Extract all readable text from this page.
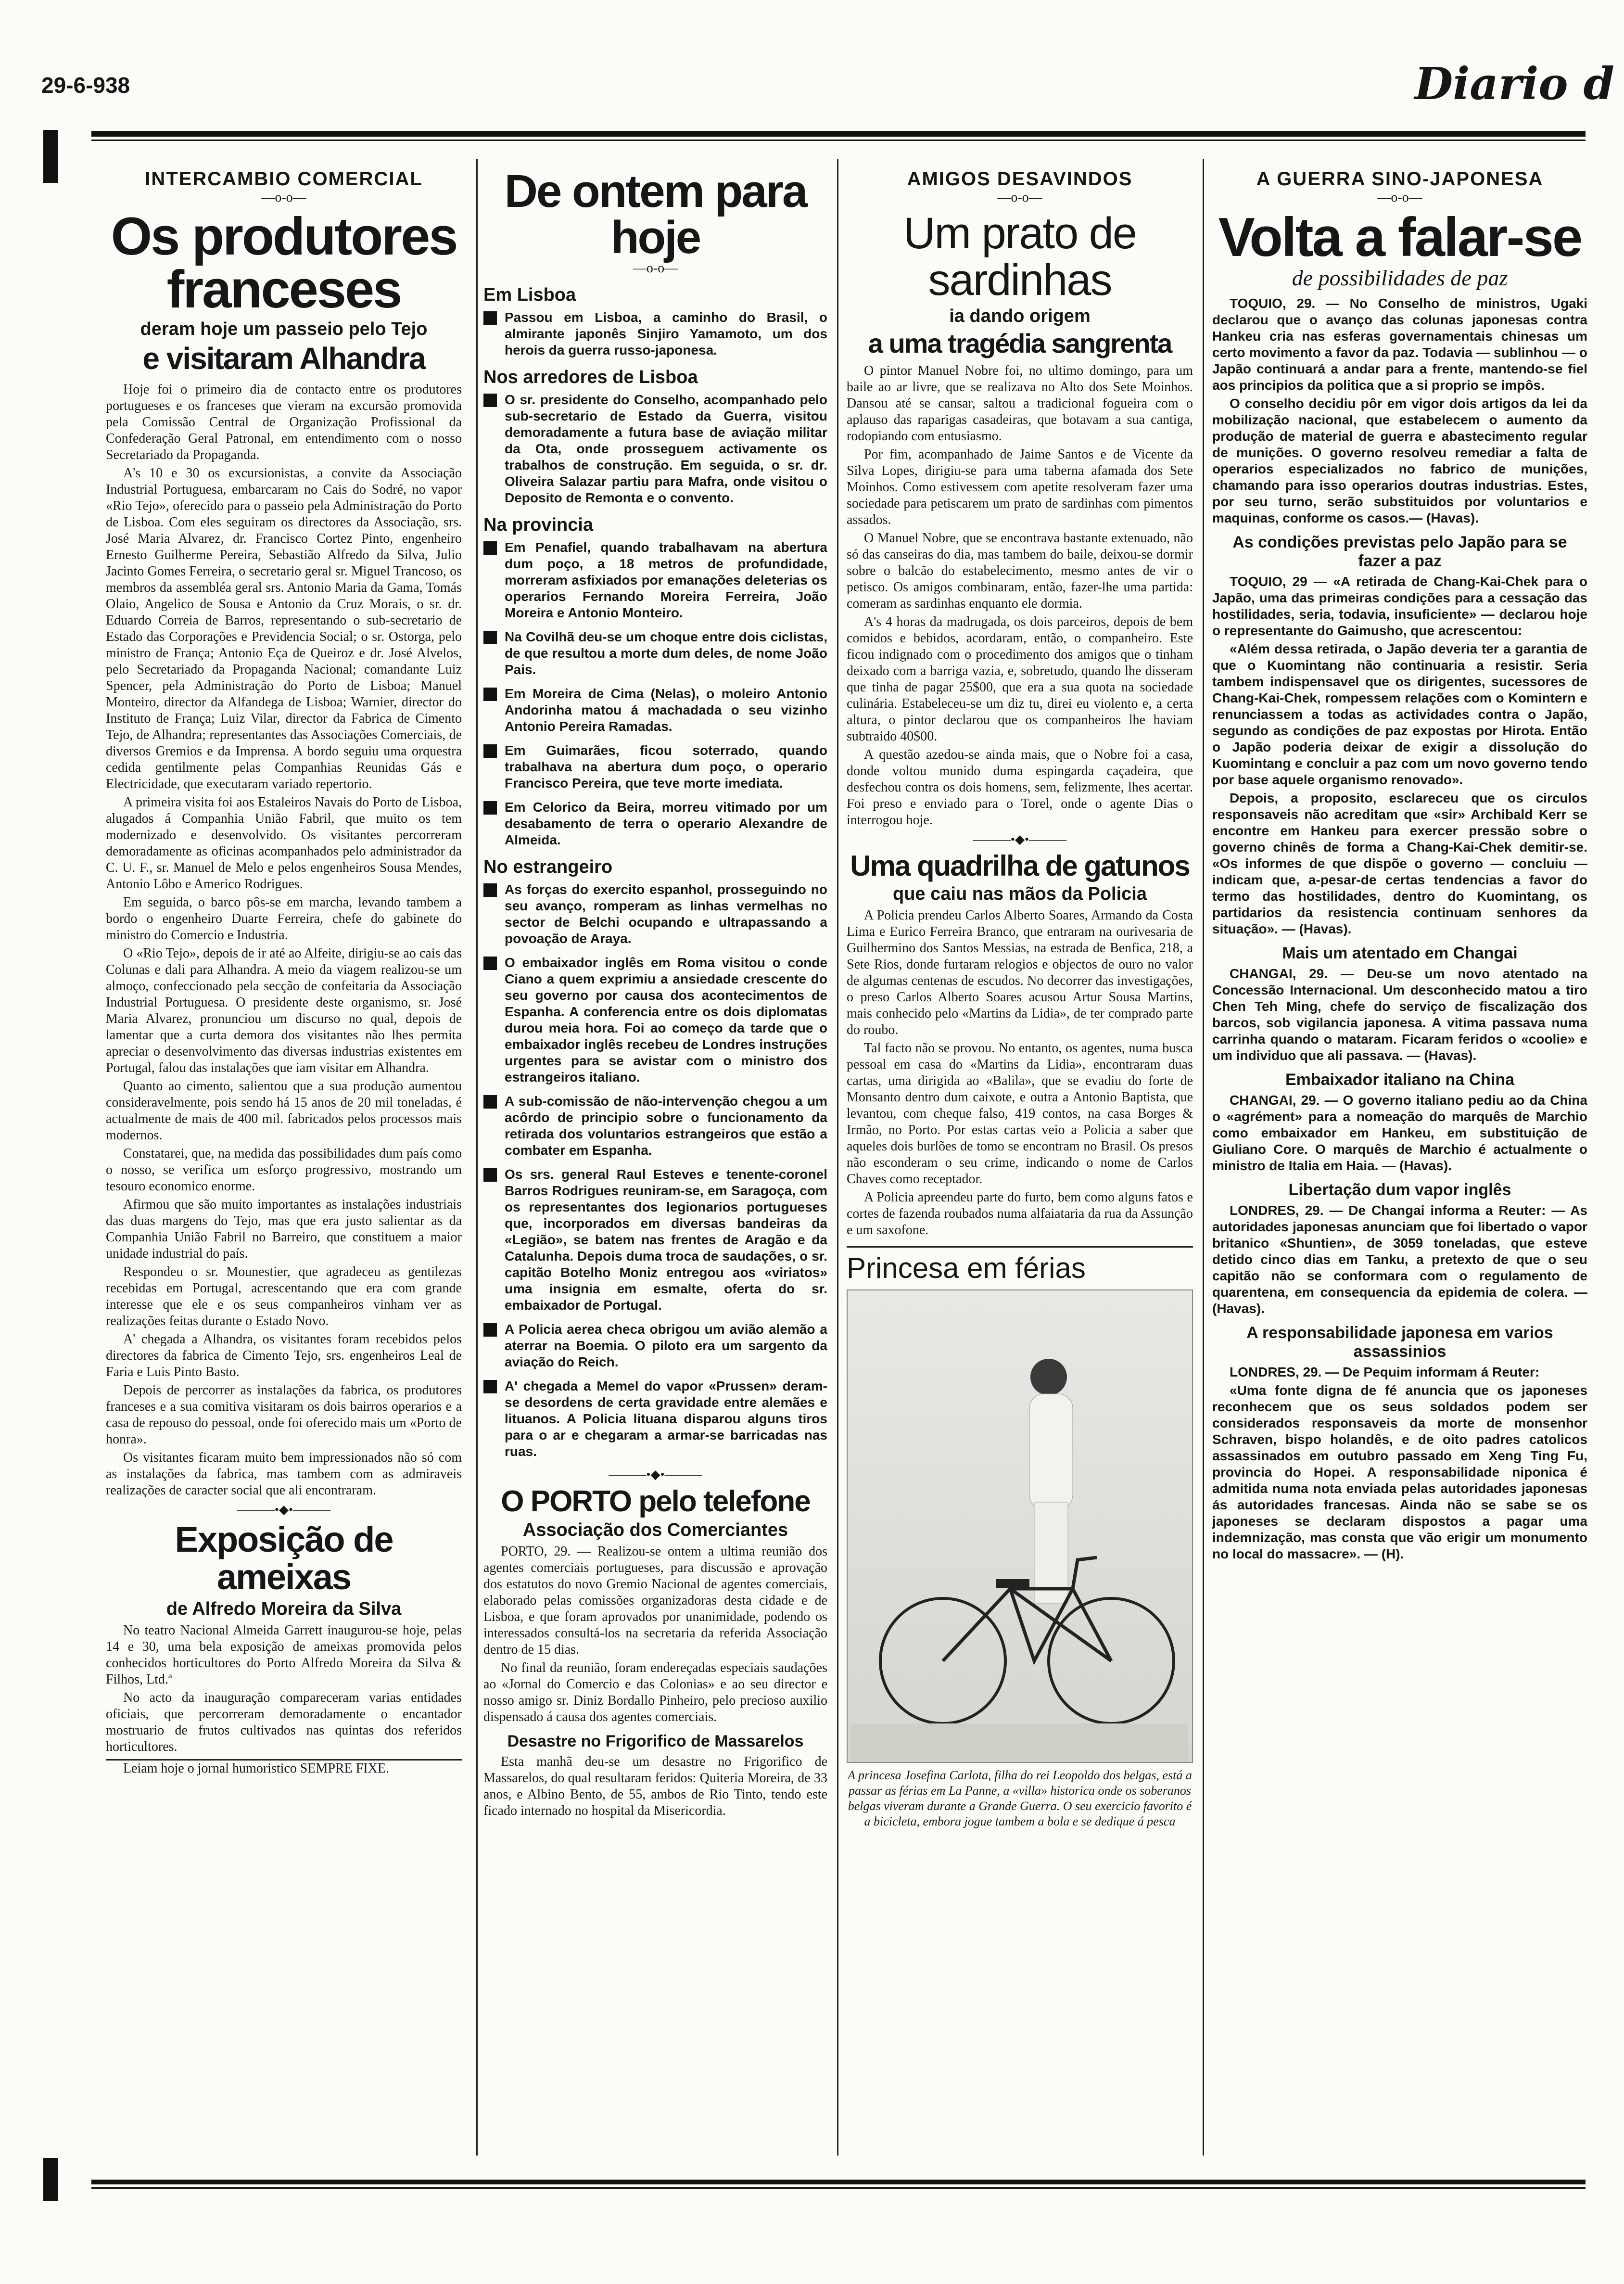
29-6-938	Diario d
INTERCAMBIO COMERCIAL
—o-o—
Os produtores franceses
deram hoje um passeio pelo Tejo
e visitaram Alhandra

Hoje foi o primeiro dia de contacto entre os produtores portugueses e os franceses que vieram na excursão promovida pela Comissão Central de Organização Profissional da Confederação Geral Patronal, em entendimento com o nosso Secretariado da Propaganda.

A's 10 e 30 os excursionistas, a convite da Associação Industrial Portuguesa, embarcaram no Cais do Sodré, no vapor «Rio Tejo», oferecido para o passeio pela Administração do Porto de Lisboa. Com eles seguiram os directores da Associação, srs. José Maria Alvarez, dr. Francisco Cortez Pinto, engenheiro Ernesto Guilherme Pereira, Sebastião Alfredo da Silva, Julio Jacinto Gomes Ferreira, o secretario geral sr. Miguel Trancoso, os membros da assembléa geral srs. Antonio Maria da Gama, Tomás Olaio, Angelico de Sousa e Antonio da Cruz Morais, o sr. dr. Eduardo Correia de Barros, representando o sub-secretario de Estado das Corporações e Previdencia Social; o sr. Ostorga, pelo ministro de França; Antonio Eça de Queiroz e dr. José Alvelos, pelo Secretariado da Propaganda Nacional; comandante Luiz Spencer, pela Administração do Porto de Lisboa; Manuel Monteiro, director da Alfandega de Lisboa; Warnier, director do Instituto de França; Luiz Vilar, director da Fabrica de Cimento Tejo, de Alhandra; representantes das Associações Comerciais, de diversos Gremios e da Imprensa. A bordo seguiu uma orquestra cedida gentilmente pelas Companhias Reunidas Gás e Electricidade, que executaram variado repertorio.

A primeira visita foi aos Estaleiros Navais do Porto de Lisboa, alugados á Companhia União Fabril, que muito os tem modernizado e desenvolvido. Os visitantes percorreram demoradamente as oficinas acompanhados pelo administrador da C. U. F., sr. Manuel de Melo e pelos engenheiros Sousa Mendes, Antonio Lôbo e Americo Rodrigues.

Em seguida, o barco pôs-se em marcha, levando tambem a bordo o engenheiro Duarte Ferreira, chefe do gabinete do ministro do Comercio e Industria.

O «Rio Tejo», depois de ir até ao Alfeite, dirigiu-se ao cais das Colunas e dali para Alhandra. A meio da viagem realizou-se um almoço, confeccionado pela secção de confeitaria da Associação Industrial Portuguesa. O presidente deste organismo, sr. José Maria Alvarez, pronunciou um discurso no qual, depois de lamentar que a curta demora dos visitantes não lhes permita apreciar o desenvolvimento das diversas industrias existentes em Portugal, falou das instalações que iam visitar em Alhandra.

Quanto ao cimento, salientou que a sua produção aumentou consideravelmente, pois sendo há 15 anos de 20 mil toneladas, é actualmente de mais de 400 mil. fabricados pelos processos mais modernos.

Constatarei, que, na medida das possibilidades dum país como o nosso, se verifica um esforço progressivo, mostrando um tesouro economico enorme.

Afirmou que são muito importantes as instalações industriais das duas margens do Tejo, mas que era justo salientar as da Companhia União Fabril no Barreiro, que constituem a maior unidade industrial do país.

Respondeu o sr. Mounestier, que agradeceu as gentilezas recebidas em Portugal, acrescentando que era com grande interesse que ele e os seus companheiros vinham ver as realizações feitas durante o Estado Novo.

A' chegada a Alhandra, os visitantes foram recebidos pelos directores da fabrica de Cimento Tejo, srs. engenheiros Leal de Faria e Luis Pinto Basto.

Depois de percorrer as instalações da fabrica, os produtores franceses e a sua comitiva visitaram os dois bairros operarios e a casa de repouso do pessoal, onde foi oferecido mais um «Porto de honra».

Os visitantes ficaram muito bem impressionados não só com as instalações da fabrica, mas tambem com as admiraveis realizações de caracter social que ali encontraram.

———•◆•———
Exposição de ameixas
de Alfredo Moreira da Silva

No teatro Nacional Almeida Garrett inaugurou-se hoje, pelas 14 e 30, uma bela exposição de ameixas promovida pelos conhecidos horticultores do Porto Alfredo Moreira da Silva & Filhos, Ltd.ª

No acto da inauguração compareceram varias entidades oficiais, que percorreram demoradamente o encantador mostruario de frutos cultivados nas quintas dos referidos horticultores.

Leiam hoje o jornal humoristico SEMPRE FIXE.
De ontem para hoje
—o-o—
Em Lisboa
Passou em Lisboa, a caminho do Brasil, o almirante japonês Sinjiro Yamamoto, um dos herois da guerra russo-japonesa.
Nos arredores de Lisboa
O sr. presidente do Conselho, acompanhado pelo sub-secretario de Estado da Guerra, visitou demoradamente a futura base de aviação militar da Ota, onde prosseguem activamente os trabalhos de construção. Em seguida, o sr. dr. Oliveira Salazar partiu para Mafra, onde visitou o Deposito de Remonta e o convento.
Na provincia
Em Penafiel, quando trabalhavam na abertura dum poço, a 18 metros de profundidade, morreram asfixiados por emanações deleterias os operarios Fernando Moreira Ferreira, João Moreira e Antonio Monteiro.
Na Covilhã deu-se um choque entre dois ciclistas, de que resultou a morte dum deles, de nome João Pais.
Em Moreira de Cima (Nelas), o moleiro Antonio Andorinha matou á machadada o seu vizinho Antonio Pereira Ramadas.
Em Guimarães, ficou soterrado, quando trabalhava na abertura dum poço, o operario Francisco Pereira, que teve morte imediata.
Em Celorico da Beira, morreu vitimado por um desabamento de terra o operario Alexandre de Almeida.
No estrangeiro
As forças do exercito espanhol, prosseguindo no seu avanço, romperam as linhas vermelhas no sector de Belchi ocupando e ultrapassando a povoação de Araya.
O embaixador inglês em Roma visitou o conde Ciano a quem exprimiu a ansiedade crescente do seu governo por causa dos acontecimentos de Espanha. A conferencia entre os dois diplomatas durou meia hora. Foi ao começo da tarde que o embaixador inglês recebeu de Londres instruções urgentes para se avistar com o ministro dos estrangeiros italiano.
A sub-comissão de não-intervenção chegou a um acôrdo de principio sobre o funcionamento da retirada dos voluntarios estrangeiros que estão a combater em Espanha.
Os srs. general Raul Esteves e tenente-coronel Barros Rodrigues reuniram-se, em Saragoça, com os representantes dos legionarios portugueses que, incorporados em diversas bandeiras da «Legião», se batem nas frentes de Aragão e da Catalunha. Depois duma troca de saudações, o sr. capitão Botelho Moniz entregou aos «viriatos» uma insignia em esmalte, oferta do sr. embaixador de Portugal.
A Policia aerea checa obrigou um avião alemão a aterrar na Boemia. O piloto era um sargento da aviação do Reich.
A' chegada a Memel do vapor «Prussen» deram-se desordens de certa gravidade entre alemães e lituanos. A Policia lituana disparou alguns tiros para o ar e chegaram a armar-se barricadas nas ruas.
———•◆•———
O PORTO pelo telefone
Associação dos Comerciantes

PORTO, 29. — Realizou-se ontem a ultima reunião dos agentes comerciais portugueses, para discussão e aprovação dos estatutos do novo Gremio Nacional de agentes comerciais, elaborado pelas comissões organizadoras desta cidade e de Lisboa, e que foram aprovados por unanimidade, podendo os interessados consultá-los na secretaria da referida Associação dentro de 15 dias.

No final da reunião, foram endereçadas especiais saudações ao «Jornal do Comercio e das Colonias» e ao seu director e nosso amigo sr. Diniz Bordallo Pinheiro, pelo precioso auxilio dispensado á causa dos agentes comerciais.

Desastre no Frigorifico de Massarelos

Esta manhã deu-se um desastre no Frigorifico de Massarelos, do qual resultaram feridos: Quiteria Moreira, de 33 anos, e Albino Bento, de 55, ambos de Rio Tinto, tendo este ficado internado no hospital da Misericordia.

AMIGOS DESAVINDOS
—o-o—
Um prato de sardinhas
ia dando origem
a uma tragédia sangrenta

O pintor Manuel Nobre foi, no ultimo domingo, para um baile ao ar livre, que se realizava no Alto dos Sete Moinhos. Dansou até se cansar, saltou a tradicional fogueira com o aplauso das raparigas casadeiras, que botavam a sua cantiga, rodopiando com entusiasmo.

Por fim, acompanhado de Jaime Santos e de Vicente da Silva Lopes, dirigiu-se para uma taberna afamada dos Sete Moinhos. Como estivessem com apetite resolveram fazer uma sociedade para petiscarem um prato de sardinhas com pimentos assados.

O Manuel Nobre, que se encontrava bastante extenuado, não só das canseiras do dia, mas tambem do baile, deixou-se dormir sobre o balcão do estabelecimento, mesmo antes de vir o petisco. Os amigos combinaram, então, fazer-lhe uma partida: comeram as sardinhas enquanto ele dormia.

A's 4 horas da madrugada, os dois parceiros, depois de bem comidos e bebidos, acordaram, então, o companheiro. Este ficou indignado com o procedimento dos amigos que o tinham deixado com a barriga vazia, e, sobretudo, quando lhe disseram que tinha de pagar 25$00, que era a sua quota na sociedade culinária. Estabeleceu-se um diz tu, direi eu violento e, a certa altura, o pintor declarou que os companheiros lhe haviam subtraido 40$00.

A questão azedou-se ainda mais, que o Nobre foi a casa, donde voltou munido duma espingarda caçadeira, que desfechou contra os dois homens, sem, felizmente, lhes acertar. Foi preso e enviado para o Torel, onde o agente Dias o interrogou hoje.

———•◆•———
Uma quadrilha de gatunos
que caiu nas mãos da Policia

A Policia prendeu Carlos Alberto Soares, Armando da Costa Lima e Eurico Ferreira Branco, que entraram na ourivesaria de Guilhermino dos Santos Messias, na estrada de Benfica, 218, a Sete Rios, donde furtaram relogios e objectos de ouro no valor de algumas centenas de escudos. No decorrer das investigações, o preso Carlos Alberto Soares acusou Artur Sousa Martins, mais conhecido pelo «Martins da Lidia», de ter comprado parte do roubo.

Tal facto não se provou. No entanto, os agentes, numa busca pessoal em casa do «Martins da Lidia», encontraram duas cartas, uma dirigida ao «Balila», que se evadiu do forte de Monsanto dentro dum caixote, e outra a Antonio Baptista, que levantou, com cheque falso, 419 contos, na casa Borges & Irmão, no Porto. Por estas cartas veio a Policia a saber que aqueles dois burlões de tomo se encontram no Brasil. Os presos não esconderam o seu crime, indicando o nome de Carlos Chaves como receptador.

A Policia apreendeu parte do furto, bem como alguns fatos e cortes de fazenda roubados numa alfaiataria da rua da Assunção e um saxofone.

Princesa em férias
A princesa Josefina Carlota, filha do rei Leopoldo dos belgas, está a passar as férias em La Panne, a «villa» historica onde os soberanos belgas viveram durante a Grande Guerra. O seu exercicio favorito é a bicicleta, embora jogue tambem a bola e se dedique á pesca
A GUERRA SINO-JAPONESA
—o-o—
Volta a falar-se
de possibilidades de paz

TOQUIO, 29. — No Conselho de ministros, Ugaki declarou que o avanço das colunas japonesas contra Hankeu cria nas esferas governamentais chinesas um certo movimento a favor da paz. Todavia — sublinhou — o Japão continuará a andar para a frente, mantendo-se fiel aos principios da politica que a si proprio se impôs.

O conselho decidiu pôr em vigor dois artigos da lei da mobilização nacional, que estabelecem o aumento da produção de material de guerra e abastecimento regular de munições. O governo resolveu remediar a falta de operarios especializados no fabrico de munições, chamando para isso operarios doutras industrias. Estes, por seu turno, serão substituidos por voluntarios e maquinas, conforme os casos.— (Havas).

As condições previstas pelo Japão para se fazer a paz

TOQUIO, 29 — «A retirada de Chang-Kai-Chek para o Japão, uma das primeiras condições para a cessação das hostilidades, seria, todavia, insuficiente» — declarou hoje o representante do Gaimusho, que acrescentou:

«Além dessa retirada, o Japão deveria ter a garantia de que o Kuomintang não continuaria a resistir. Seria tambem indispensavel que os dirigentes, sucessores de Chang-Kai-Chek, rompessem relações com o Komintern e renunciassem a todas as actividades contra o Japão, segundo as condições de paz expostas por Hirota. Então o Japão poderia deixar de exigir a dissolução do Kuomintang e concluir a paz com um novo governo tendo por base aquele organismo renovado».

Depois, a proposito, esclareceu que os circulos responsaveis não acreditam que «sir» Archibald Kerr se encontre em Hankeu para exercer pressão sobre o governo chinês de forma a Chang-Kai-Chek demitir-se. «Os informes de que dispõe o governo — concluiu — indicam que, a-pesar-de certas tendencias a favor do termo das hostilidades, dentro do Kuomintang, os partidarios da resistencia continuam senhores da situação». — (Havas).

Mais um atentado em Changai

CHANGAI, 29. — Deu-se um novo atentado na Concessão Internacional. Um desconhecido matou a tiro Chen Teh Ming, chefe do serviço de fiscalização dos barcos, sob vigilancia japonesa. A vitima passava numa carrinha quando o mataram. Ficaram feridos o «coolie» e um individuo que ali passava. — (Havas).

Embaixador italiano na China

CHANGAI, 29. — O governo italiano pediu ao da China o «agrément» para a nomeação do marquês de Marchio como embaixador em Hankeu, em substituição de Giuliano Core. O marquês de Marchio é actualmente o ministro de Italia em Haia. — (Havas).

Libertação dum vapor inglês

LONDRES, 29. — De Changai informa a Reuter: — As autoridades japonesas anunciam que foi libertado o vapor britanico «Shuntien», de 3059 toneladas, que esteve detido cinco dias em Tanku, a pretexto de que o seu capitão não se conformara com o regulamento de quarentena, em consequencia da epidemia de colera. — (Havas).

A responsabilidade japonesa em varios assassinios

LONDRES, 29. — De Pequim informam á Reuter:

«Uma fonte digna de fé anuncia que os japoneses reconhecem que os seus soldados podem ser considerados responsaveis da morte de monsenhor Schraven, bispo holandês, e de oito padres catolicos assassinados em outubro passado em Xeng Ting Fu, provincia do Hopei. A responsabilidade niponica é admitida numa nota enviada pelas autoridades japonesas ás autoridades francesas. Ainda não se sabe se os japoneses se declaram dispostos a pagar uma indemnização, mas consta que vão erigir um monumento no local do massacre». — (H).
